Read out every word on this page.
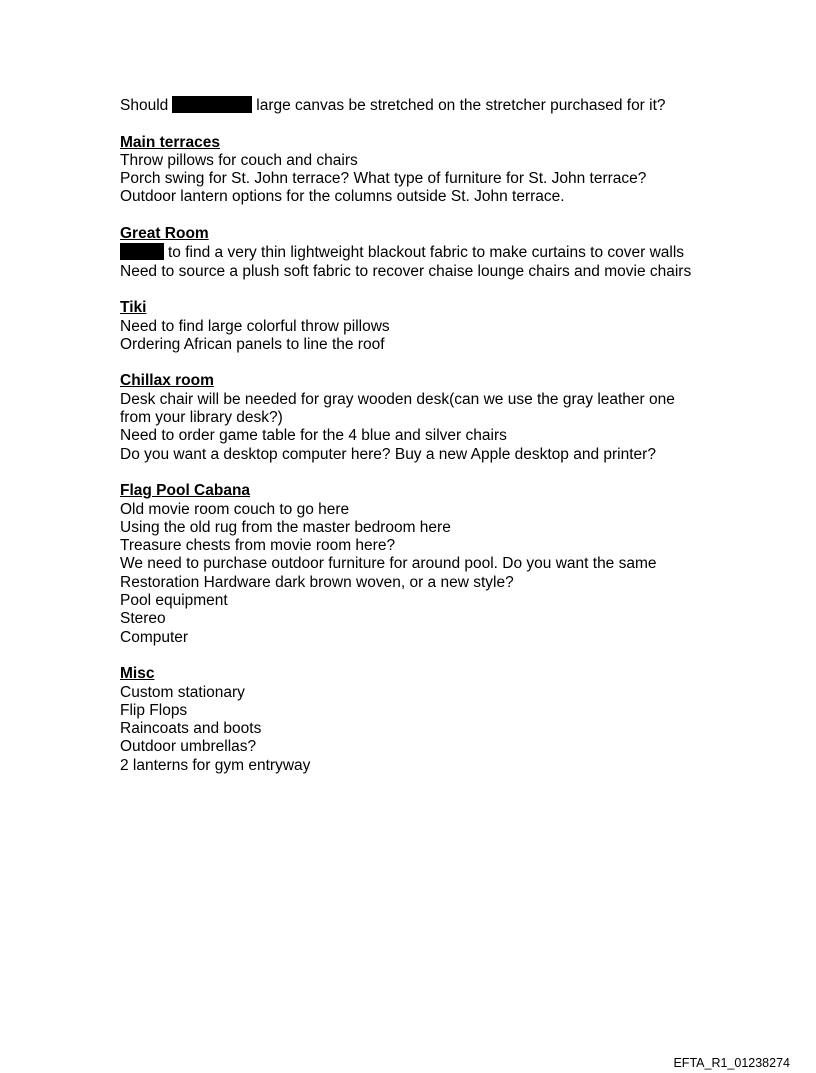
Should	large canvas be stretched on the stretcher purchased for it?

Main terraces

Throw pillows for couch and chairs

Porch swing for St. John terrace? What type of furniture for St. John terrace?

Outdoor lantern options for the columns outside St. John terrace.

Great Room

to find a very thin lightweight blackout fabric to make curtains to cover walls

Need to source a plush soft fabric to recover chaise lounge chairs and movie chairs

Tiki

Need to find large colorful throw pillows

Ordering African panels to line the roof

Chillax room

Desk chair will be needed for gray wooden desk(can we use the gray leather one from your library desk?)

Need to order game table for the 4 blue and silver chairs

Do you want a desktop computer here? Buy a new Apple desktop and printer?

Flag Pool Cabana

Old movie room couch to go here

Using the old rug from the master bedroom here

Treasure chests from movie room here?

We need to purchase outdoor furniture for around pool. Do you want the same Restoration Hardware dark brown woven, or a new style?

Pool equipment

Stereo

Computer

Misc

Custom stationary

Flip Flops

Raincoats and boots

Outdoor umbrellas?

2 lanterns for gym entryway

EFTA_R1_01238274
